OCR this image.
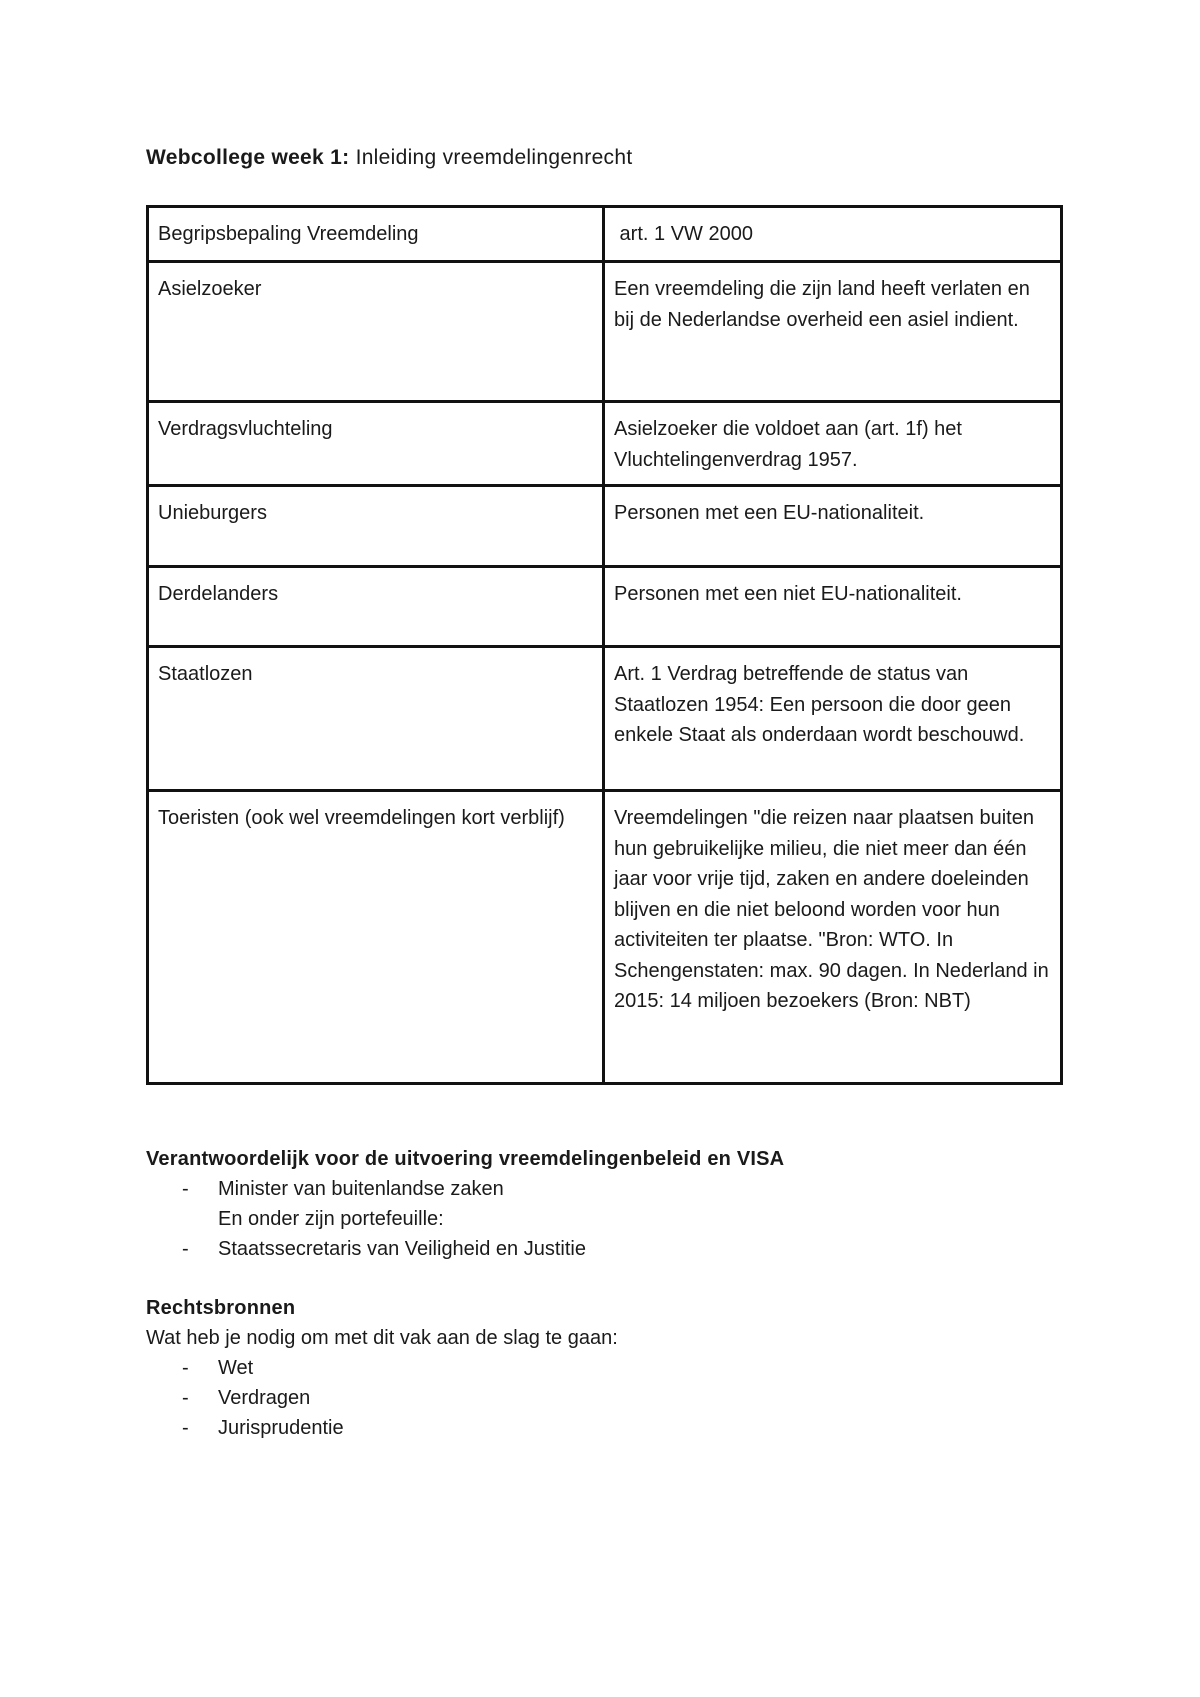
Webcollege week 1: Inleiding vreemdelingenrecht
Begripsbepaling Vreemdeling	art. 1 VW 2000
Asielzoeker	Een vreemdeling die zijn land heeft verlaten en bij de Nederlandse overheid een asiel indient.
Verdragsvluchteling	Asielzoeker die voldoet aan (art. 1f) het Vluchtelingenverdrag 1957.
Unieburgers	Personen met een EU-nationaliteit.
Derdelanders	Personen met een niet EU-nationaliteit.
Staatlozen	Art. 1 Verdrag betreffende de status van Staatlozen 1954: Een persoon die door geen enkele Staat als onderdaan wordt beschouwd.
Toeristen (ook wel vreemdelingen kort verblijf)	Vreemdelingen "die reizen naar plaatsen buiten hun gebruikelijke milieu, die niet meer dan één jaar voor vrije tijd, zaken en andere doeleinden blijven en die niet beloond worden voor hun activiteiten ter plaatse. "Bron: WTO. In Schengenstaten: max. 90 dagen. In Nederland in 2015: 14 miljoen bezoekers (Bron: NBT)
Verantwoordelijk voor de uitvoering vreemdelingenbeleid en VISA
- Minister van buitenlandse zaken
En onder zijn portefeuille:
- Staatssecretaris van Veiligheid en Justitie
Rechtsbronnen
Wat heb je nodig om met dit vak aan de slag te gaan:
- Wet
- Verdragen
- Jurisprudentie
